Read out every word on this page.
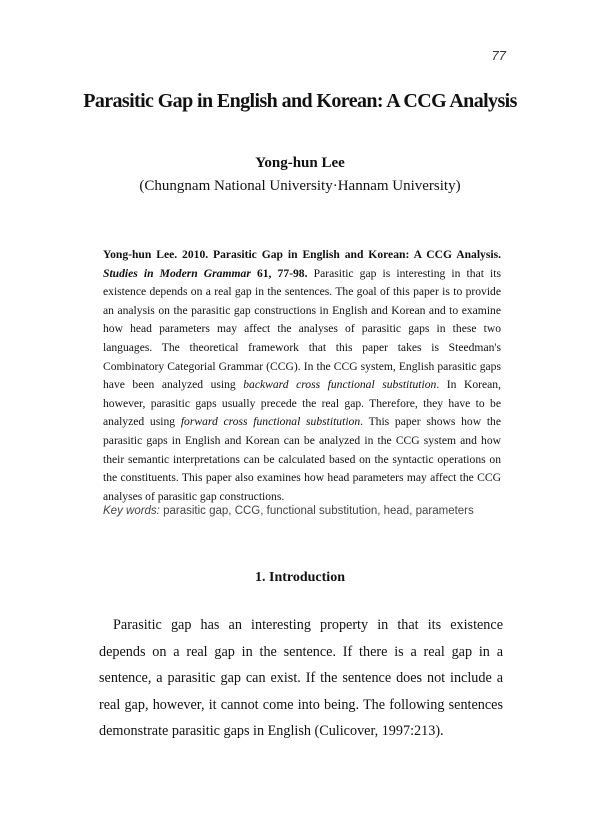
77
Parasitic Gap in English and Korean: A CCG Analysis
Yong-hun Lee
(Chungnam National University·Hannam University)
Yong-hun Lee. 2010. Parasitic Gap in English and Korean: A CCG Analysis. Studies in Modern Grammar 61, 77-98. Parasitic gap is interesting in that its existence depends on a real gap in the sentences. The goal of this paper is to provide an analysis on the parasitic gap constructions in English and Korean and to examine how head parameters may affect the analyses of parasitic gaps in these two languages. The theoretical framework that this paper takes is Steedman's Combinatory Categorial Grammar (CCG). In the CCG system, English parasitic gaps have been analyzed using backward cross functional substitution. In Korean, however, parasitic gaps usually precede the real gap. Therefore, they have to be analyzed using forward cross functional substitution. This paper shows how the parasitic gaps in English and Korean can be analyzed in the CCG system and how their semantic interpretations can be calculated based on the syntactic operations on the constituents. This paper also examines how head parameters may affect the CCG analyses of parasitic gap constructions.
Key words: parasitic gap, CCG, functional substitution, head, parameters
1. Introduction

Parasitic gap has an interesting property in that its existence depends on a real gap in the sentence. If there is a real gap in a sentence, a parasitic gap can exist. If the sentence does not include a real gap, however, it cannot come into being. The following sentences demonstrate parasitic gaps in English (Culicover, 1997:213).
